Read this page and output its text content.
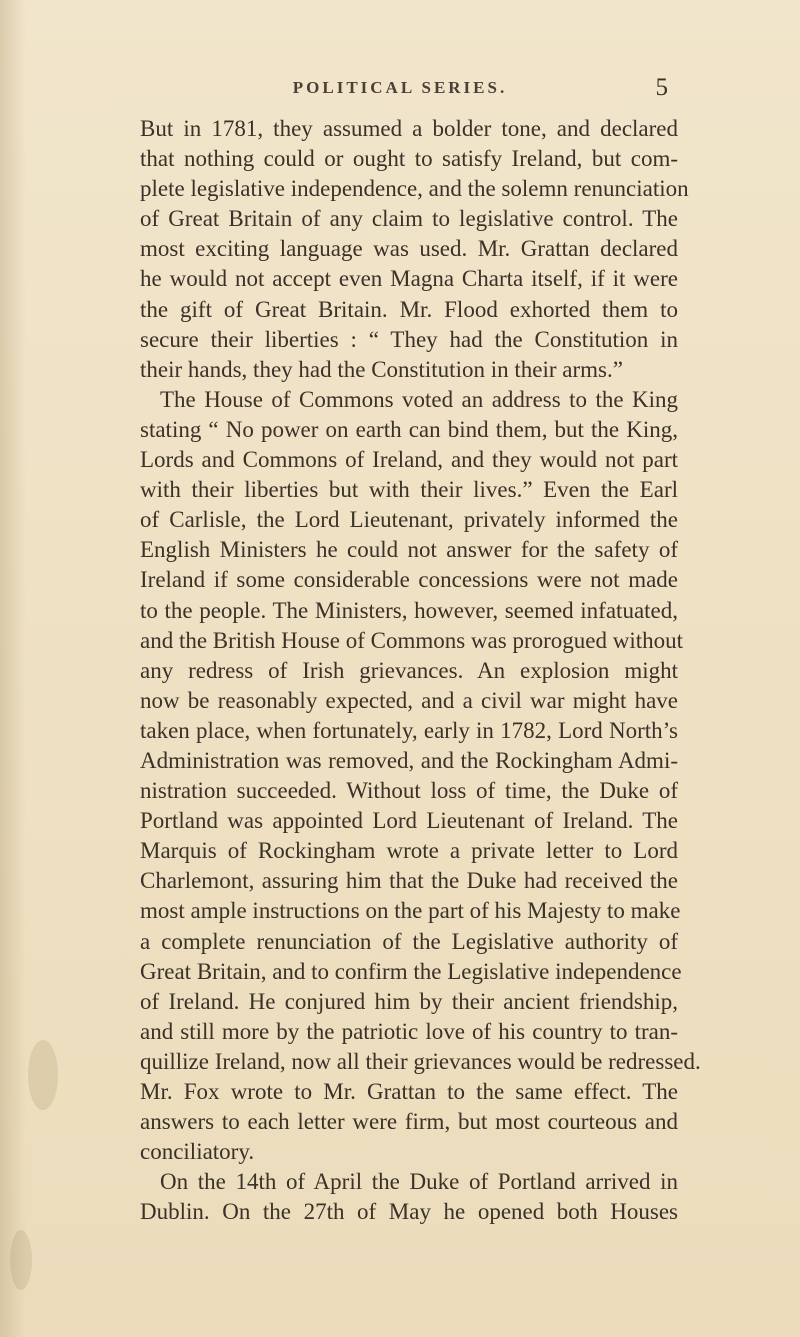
POLITICAL SERIES.	5
But in 1781, they assumed a bolder tone, and declared
that nothing could or ought to satisfy Ireland, but com-
plete legislative independence, and the solemn renunciation
of Great Britain of any claim to legislative control. The
most exciting language was used. Mr. Grattan declared
he would not accept even Magna Charta itself, if it were
the gift of Great Britain. Mr. Flood exhorted them to
secure their liberties : “ They had the Constitution in
their hands, they had the Constitution in their arms.”
The House of Commons voted an address to the King
stating “ No power on earth can bind them, but the King,
Lords and Commons of Ireland, and they would not part
with their liberties but with their lives.” Even the Earl
of Carlisle, the Lord Lieutenant, privately informed the
English Ministers he could not answer for the safety of
Ireland if some considerable concessions were not made
to the people. The Ministers, however, seemed infatuated,
and the British House of Commons was prorogued without
any redress of Irish grievances. An explosion might
now be reasonably expected, and a civil war might have
taken place, when fortunately, early in 1782, Lord North’s
Administration was removed, and the Rockingham Admi-
nistration succeeded. Without loss of time, the Duke of
Portland was appointed Lord Lieutenant of Ireland. The
Marquis of Rockingham wrote a private letter to Lord
Charlemont, assuring him that the Duke had received the
most ample instructions on the part of his Majesty to make
a complete renunciation of the Legislative authority of
Great Britain, and to confirm the Legislative independence
of Ireland. He conjured him by their ancient friendship,
and still more by the patriotic love of his country to tran-
quillize Ireland, now all their grievances would be redressed.
Mr. Fox wrote to Mr. Grattan to the same effect. The
answers to each letter were firm, but most courteous and
conciliatory.
On the 14th of April the Duke of Portland arrived in
Dublin. On the 27th of May he opened both Houses
